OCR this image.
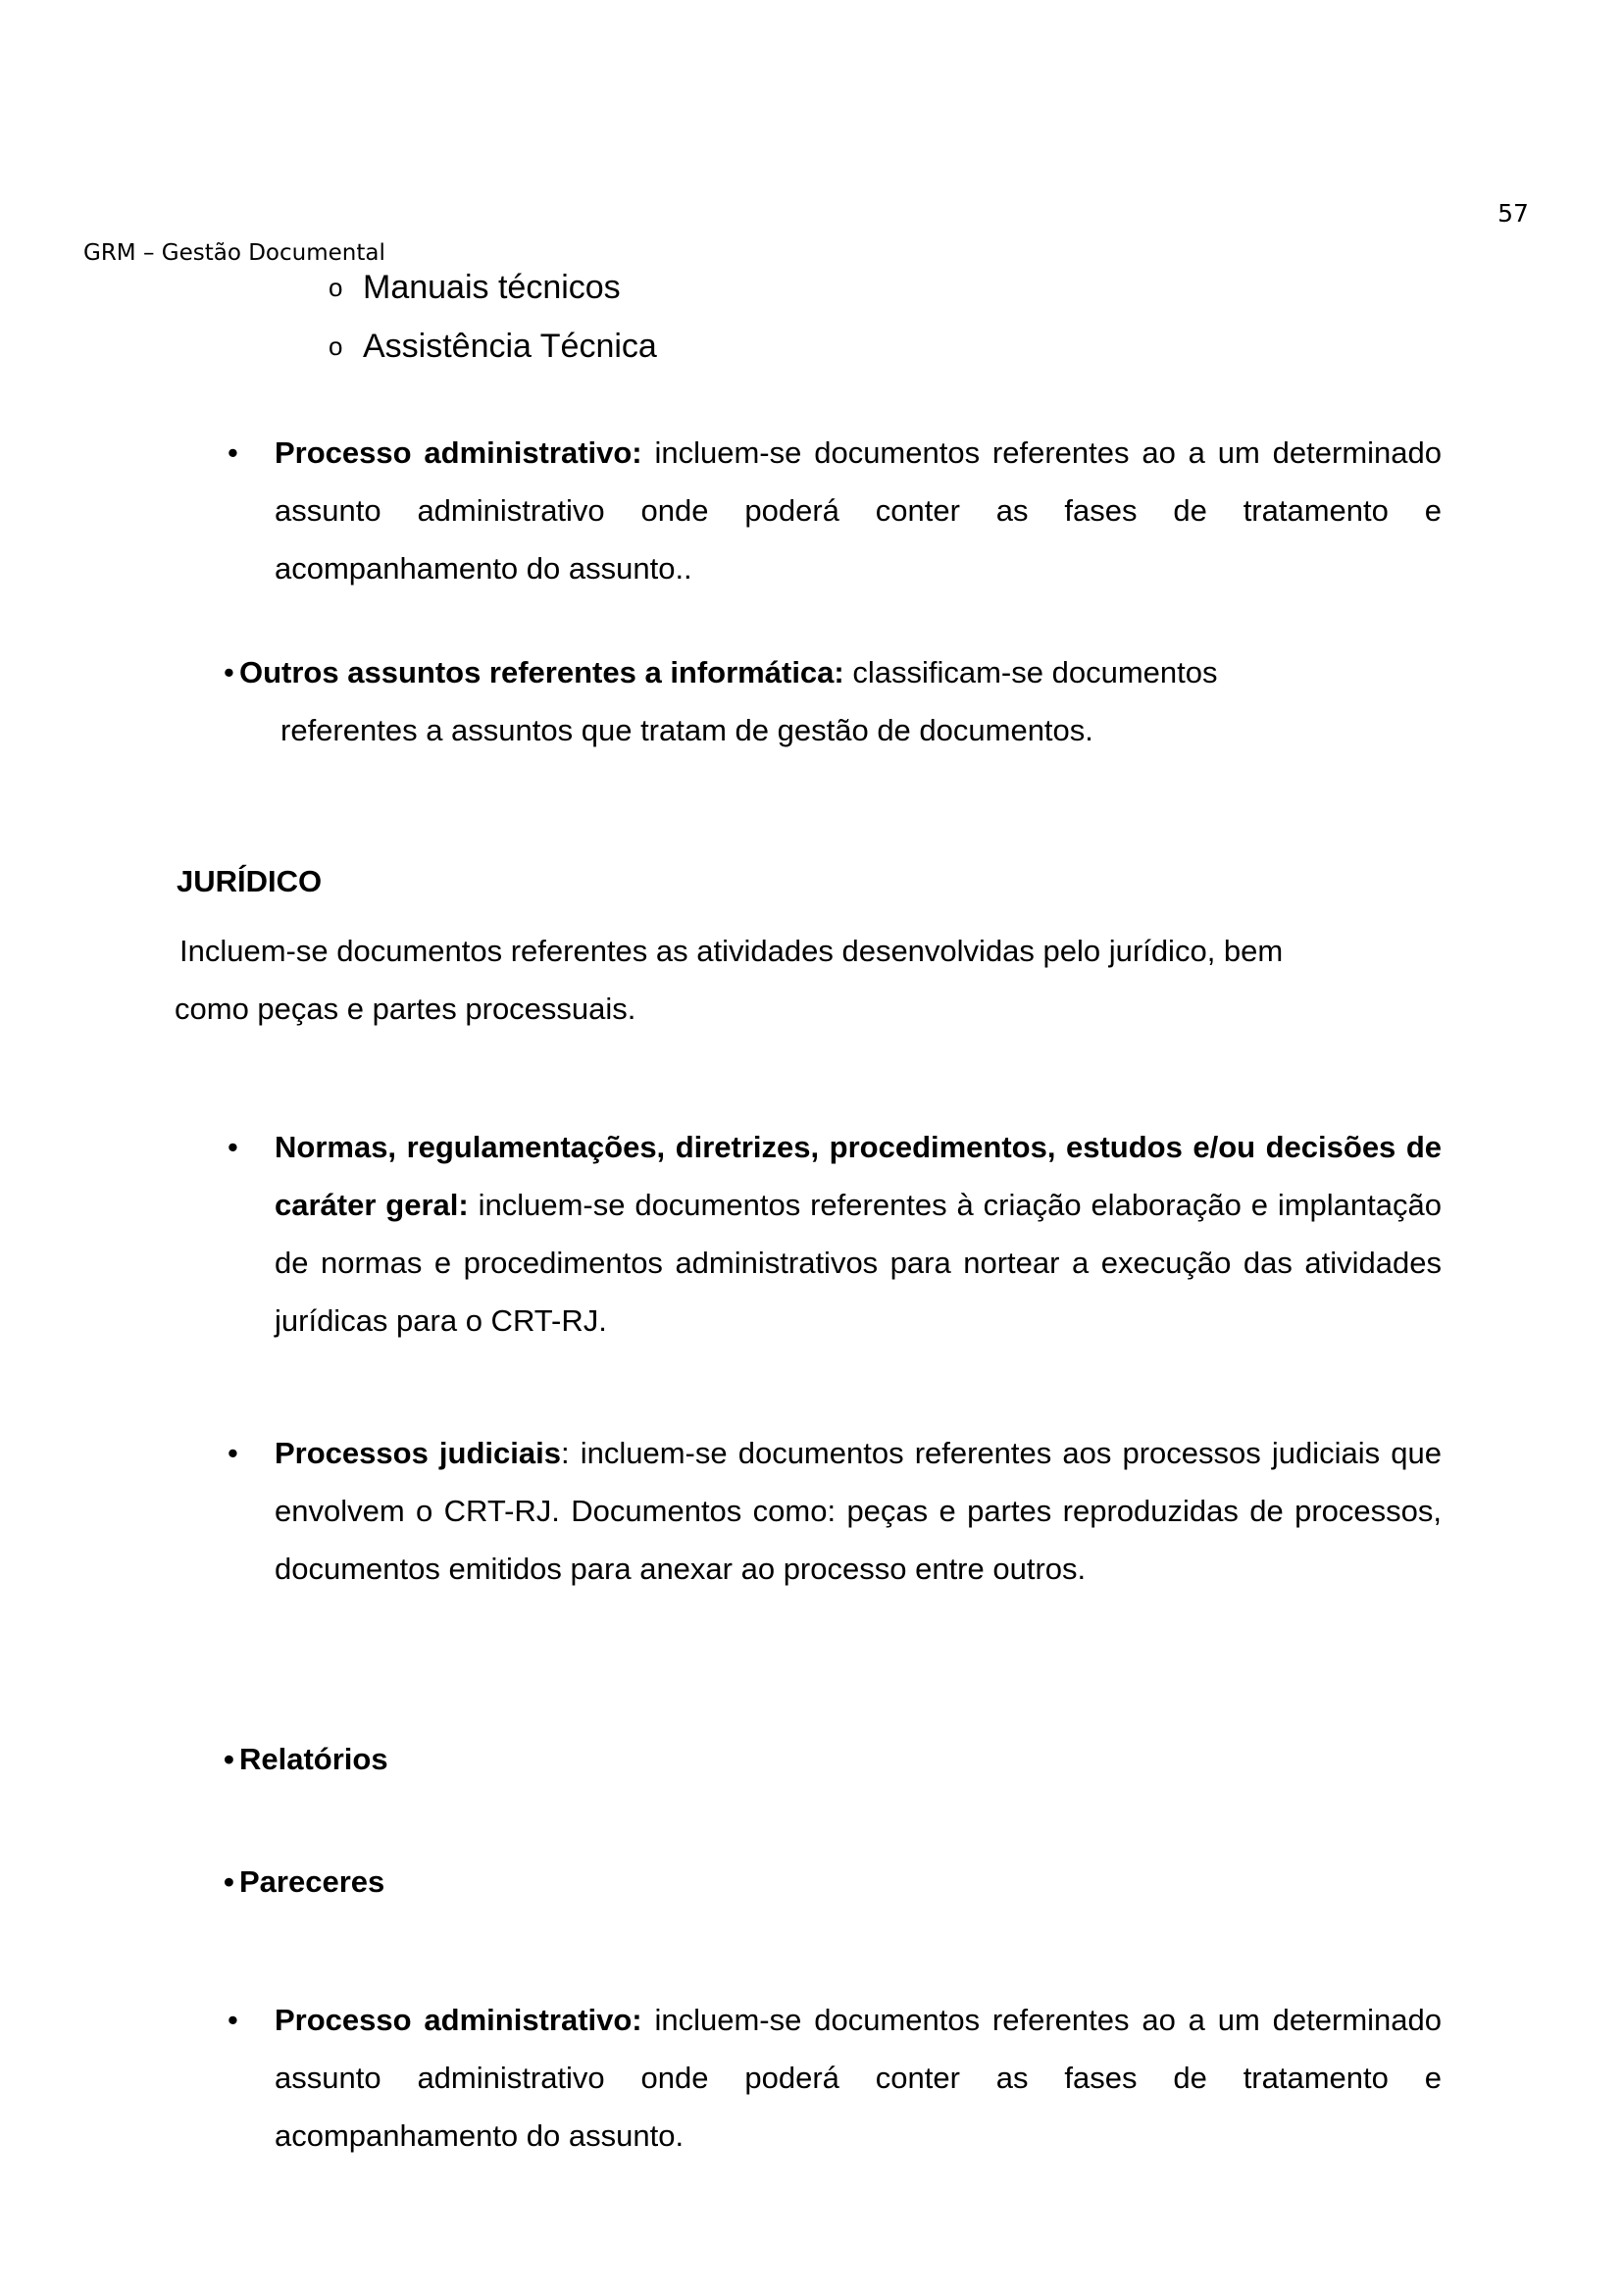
57
GRM – Gestão Documental
o Manuais técnicos
o Assistência Técnica
• Processo administrativo: incluem-se documentos referentes ao a um determinado assunto administrativo onde poderá conter as fases de tratamento e acompanhamento do assunto..
• Outros assuntos referentes a informática: classificam-se documentos
referentes a assuntos que tratam de gestão de documentos.
JURÍDICO
Incluem-se documentos referentes as atividades desenvolvidas pelo jurídico, bem
como peças e partes processuais.
• Normas, regulamentações, diretrizes, procedimentos, estudos e/ou decisões de caráter geral: incluem-se documentos referentes à criação elaboração e implantação de normas e procedimentos administrativos para nortear a execução das atividades jurídicas para o CRT-RJ.
• Processos judiciais: incluem-se documentos referentes aos processos judiciais que envolvem o CRT-RJ. Documentos como: peças e partes reproduzidas de processos, documentos emitidos para anexar ao processo entre outros.
• Relatórios
• Pareceres
• Processo administrativo: incluem-se documentos referentes ao a um determinado assunto administrativo onde poderá conter as fases de tratamento e acompanhamento do assunto.
